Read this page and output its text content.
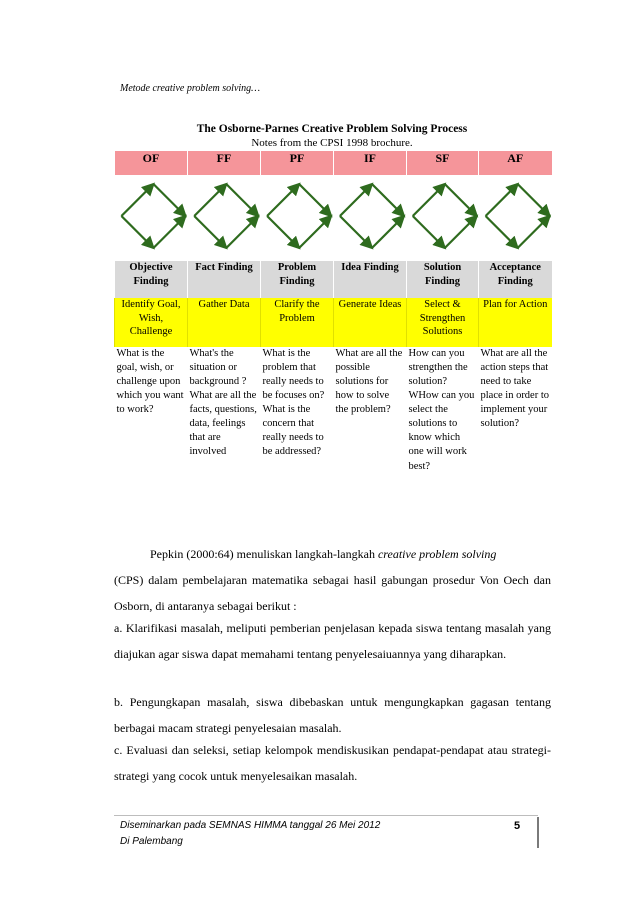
Metode creative problem solving…
The Osborne-Parnes Creative Problem Solving Process
Notes from the CPSI 1998 brochure.
OF	FF	PF	IF	SF	AF

Objective Finding	Fact Finding	Problem Finding	Idea Finding	Solution Finding	Acceptance Finding
Identify Goal, Wish, Challenge	Gather Data	Clarify the Problem	Generate Ideas	Select & Strengthen Solutions	Plan for Action
What is the goal, wish, or challenge upon which you want to work?	What's the situation or background ? What are all the facts, questions, data, feelings that are involved	What is the problem that really needs to be focuses on? What is the concern that really needs to be addressed?	What are all the possible solutions for how to solve the problem?	How can you strengthen the solution? WHow can you select the solutions to know which one will work best?	What are all the action steps that need to take place in order to implement your solution?
Pepkin (2000:64) menuliskan langkah-langkah creative problem solving
(CPS) dalam pembelajaran matematika sebagai hasil gabungan prosedur Von Oech dan Osborn, di antaranya sebagai berikut :
a. Klarifikasi masalah, meliputi pemberian penjelasan kepada siswa tentang masalah yang diajukan agar siswa dapat memahami tentang penyelesaiuannya yang diharapkan.
b. Pengungkapan masalah, siswa dibebaskan untuk mengungkapkan gagasan tentang berbagai macam strategi penyelesaian masalah.
c. Evaluasi dan seleksi, setiap kelompok mendiskusikan pendapat-pendapat atau strategi-strategi yang cocok untuk menyelesaikan masalah.
Diseminarkan pada SEMNAS HIMMA tanggal 26 Mei 2012
Di Palembang
5
